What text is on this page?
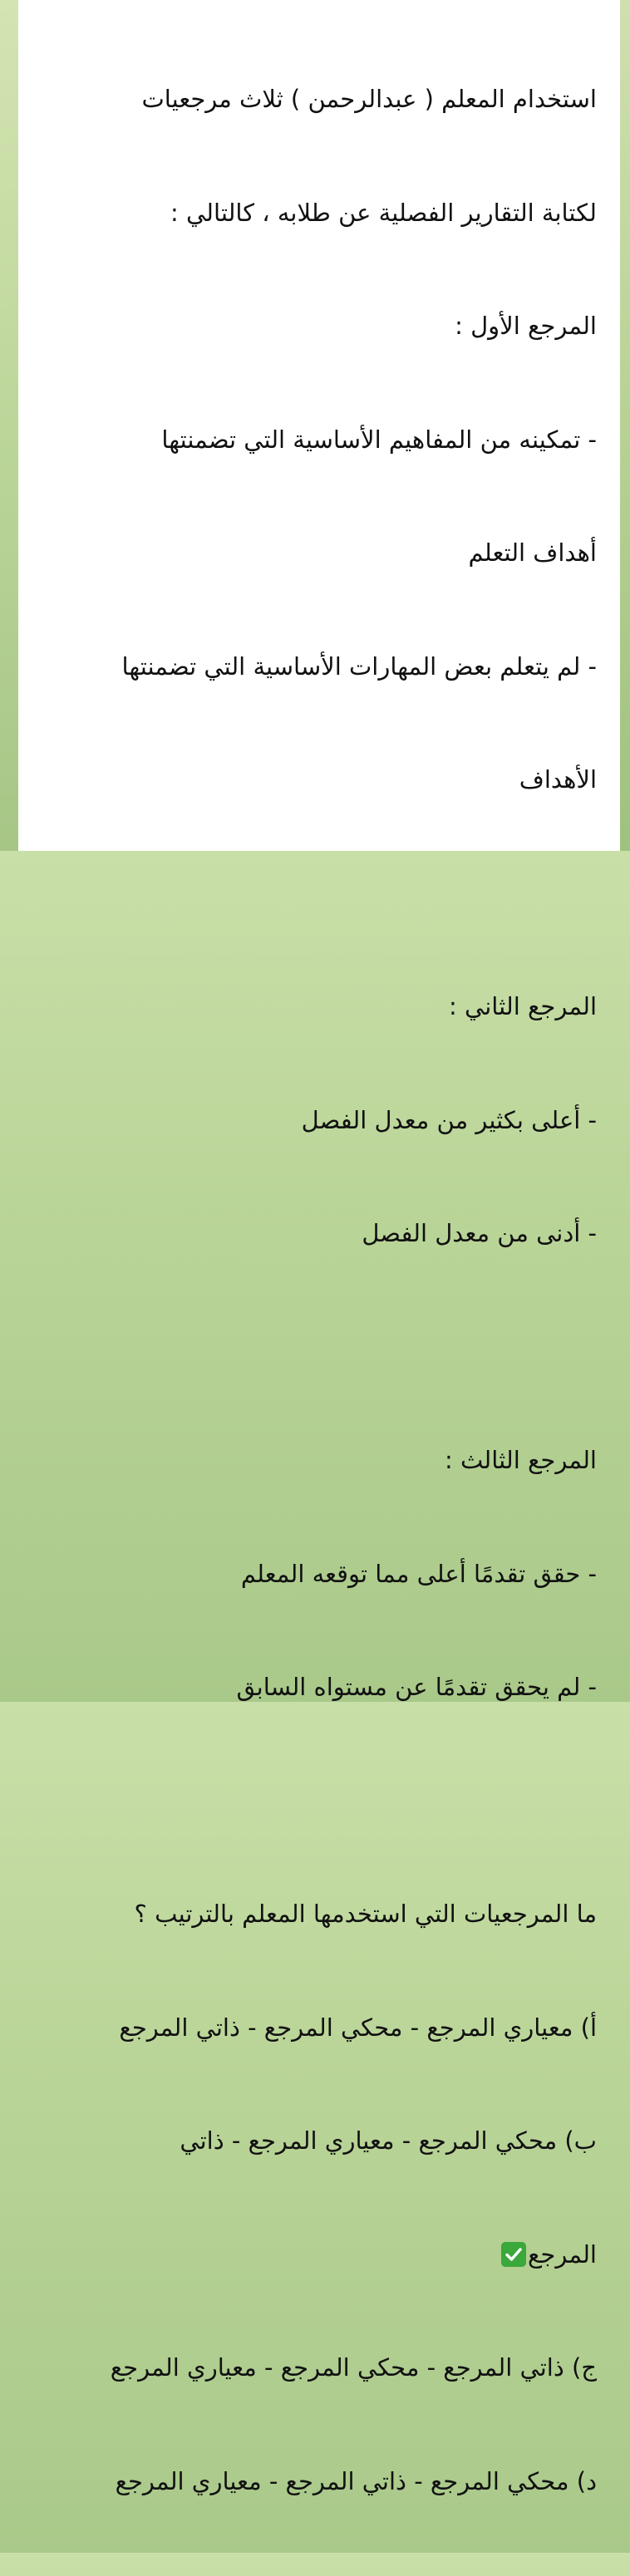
استخدام المعلم ( عبدالرحمن ) ثلاث مرجعيات

لكتابة التقارير الفصلية عن طلابه ، كالتالي :

المرجع الأول :

- تمكينه من المفاهيم الأساسية التي تضمنتها

أهداف التعلم

- لم يتعلم بعض المهارات الأساسية التي تضمنتها

الأهداف

المرجع الثاني :

- أعلى بكثير من معدل الفصل

- أدنى من معدل الفصل

المرجع الثالث :

- حقق تقدمًا أعلى مما توقعه المعلم

- لم يحقق تقدمًا عن مستواه السابق

ما المرجعيات التي استخدمها المعلم بالترتيب ؟

أ) معياري المرجع - محكي المرجع - ذاتي المرجع

ب) محكي المرجع - معياري المرجع - ذاتي

المرجع

ج) ذاتي المرجع - محكي المرجع - معياري المرجع

د) محكي المرجع - ذاتي المرجع - معياري المرجع
